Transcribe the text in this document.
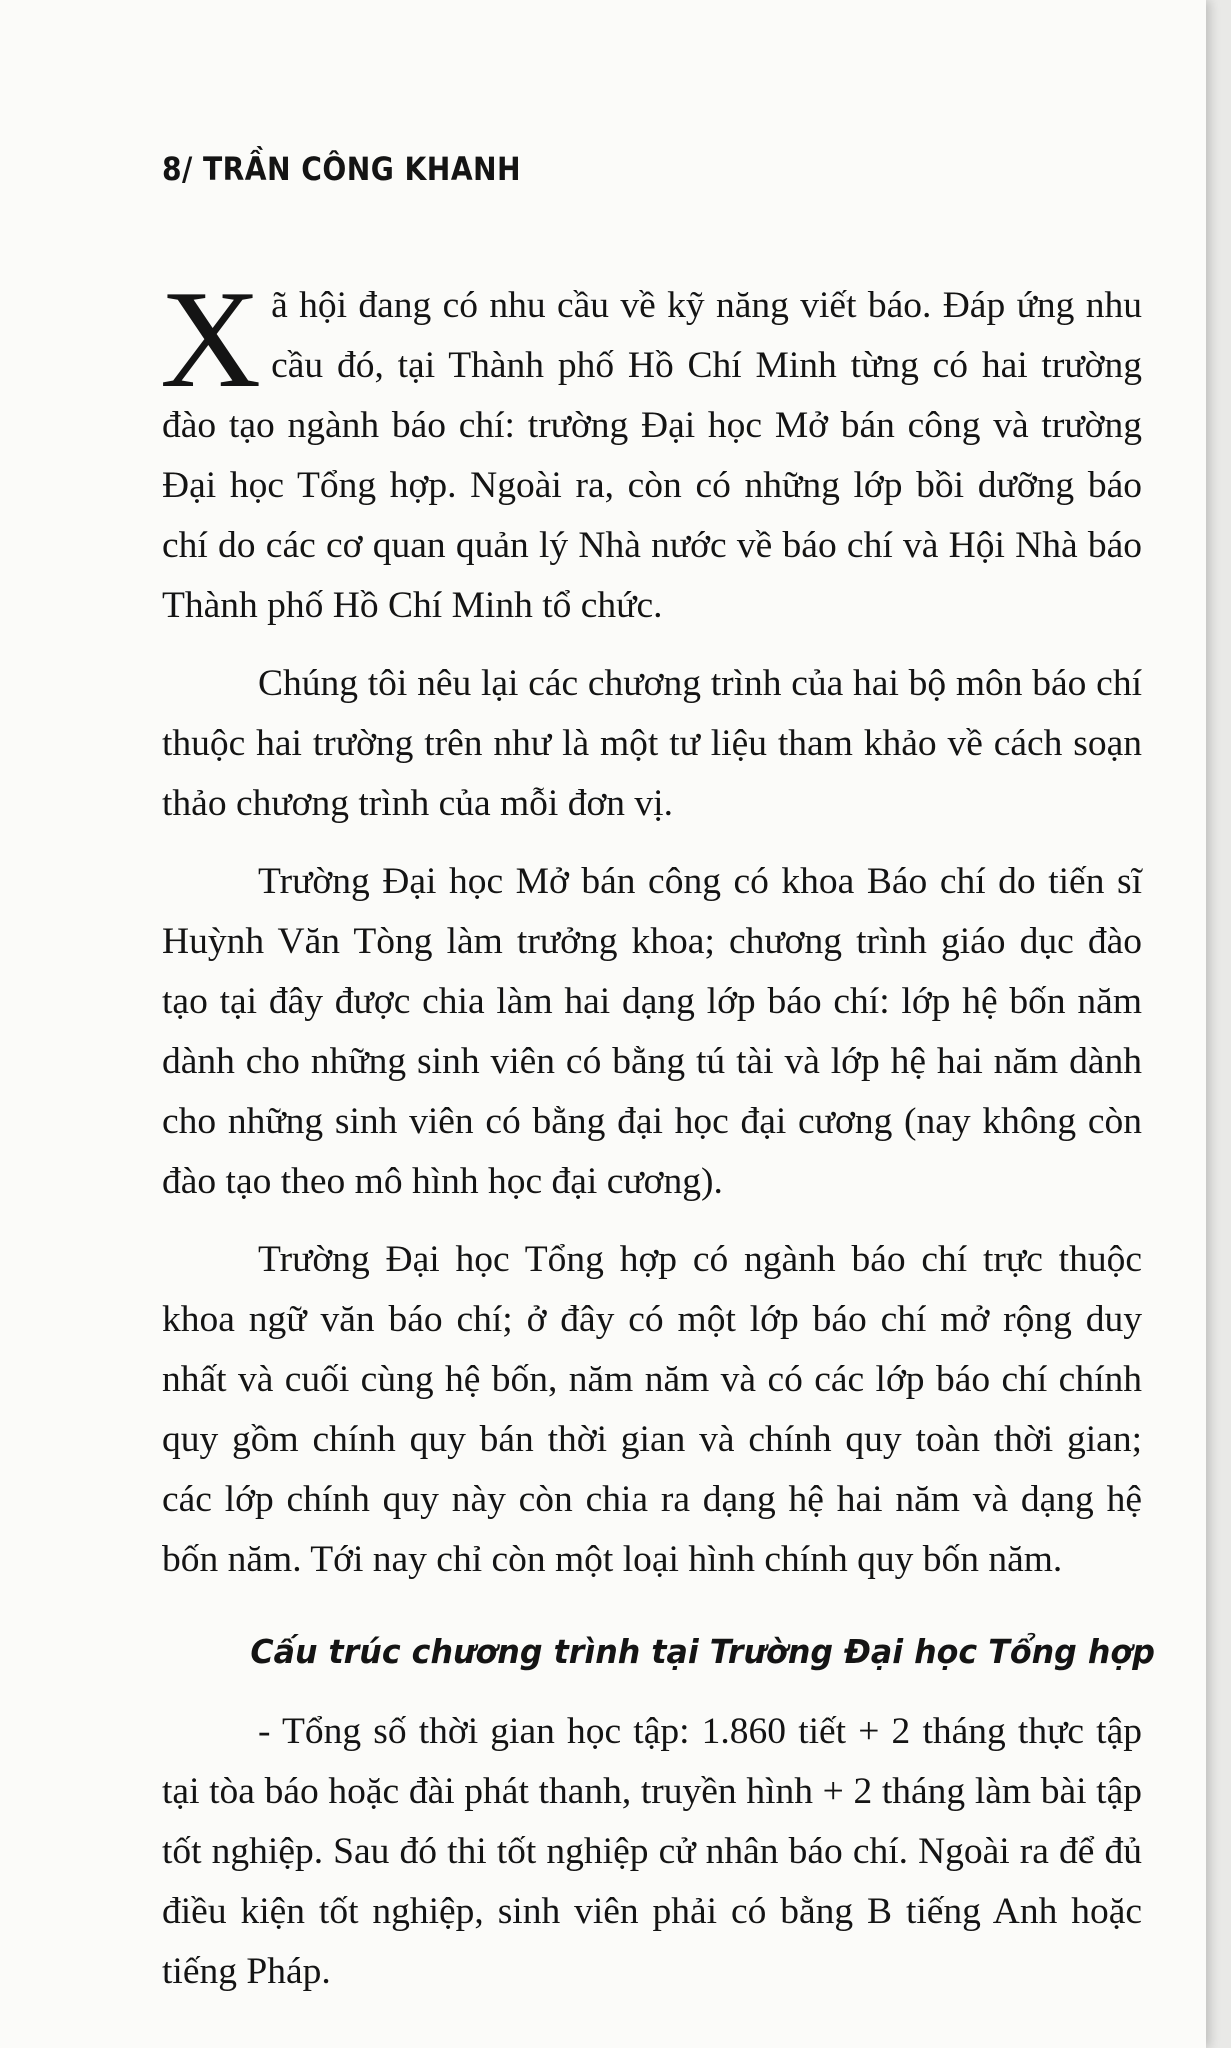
8/ TRẦN CÔNG KHANH

Xã hội đang có nhu cầu về kỹ năng viết báo. Đáp ứng nhu cầu đó, tại Thành phố Hồ Chí Minh từng có hai trường đào tạo ngành báo chí: trường Đại học Mở bán công và trường Đại học Tổng hợp. Ngoài ra, còn có những lớp bồi dưỡng báo chí do các cơ quan quản lý Nhà nước về báo chí và Hội Nhà báo Thành phố Hồ Chí Minh tổ chức.

Chúng tôi nêu lại các chương trình của hai bộ môn báo chí thuộc hai trường trên như là một tư liệu tham khảo về cách soạn thảo chương trình của mỗi đơn vị.

Trường Đại học Mở bán công có khoa Báo chí do tiến sĩ Huỳnh Văn Tòng làm trưởng khoa; chương trình giáo dục đào tạo tại đây được chia làm hai dạng lớp báo chí: lớp hệ bốn năm dành cho những sinh viên có bằng tú tài và lớp hệ hai năm dành cho những sinh viên có bằng đại học đại cương (nay không còn đào tạo theo mô hình học đại cương).

Trường Đại học Tổng hợp có ngành báo chí trực thuộc khoa ngữ văn báo chí; ở đây có một lớp báo chí mở rộng duy nhất và cuối cùng hệ bốn, năm năm và có các lớp báo chí chính quy gồm chính quy bán thời gian và chính quy toàn thời gian; các lớp chính quy này còn chia ra dạng hệ hai năm và dạng hệ bốn năm. Tới nay chỉ còn một loại hình chính quy bốn năm.

Cấu trúc chương trình tại Trường Đại học Tổng hợp

- Tổng số thời gian học tập: 1.860 tiết + 2 tháng thực tập tại tòa báo hoặc đài phát thanh, truyền hình + 2 tháng làm bài tập tốt nghiệp. Sau đó thi tốt nghiệp cử nhân báo chí. Ngoài ra để đủ điều kiện tốt nghiệp, sinh viên phải có bằng B tiếng Anh hoặc tiếng Pháp.
